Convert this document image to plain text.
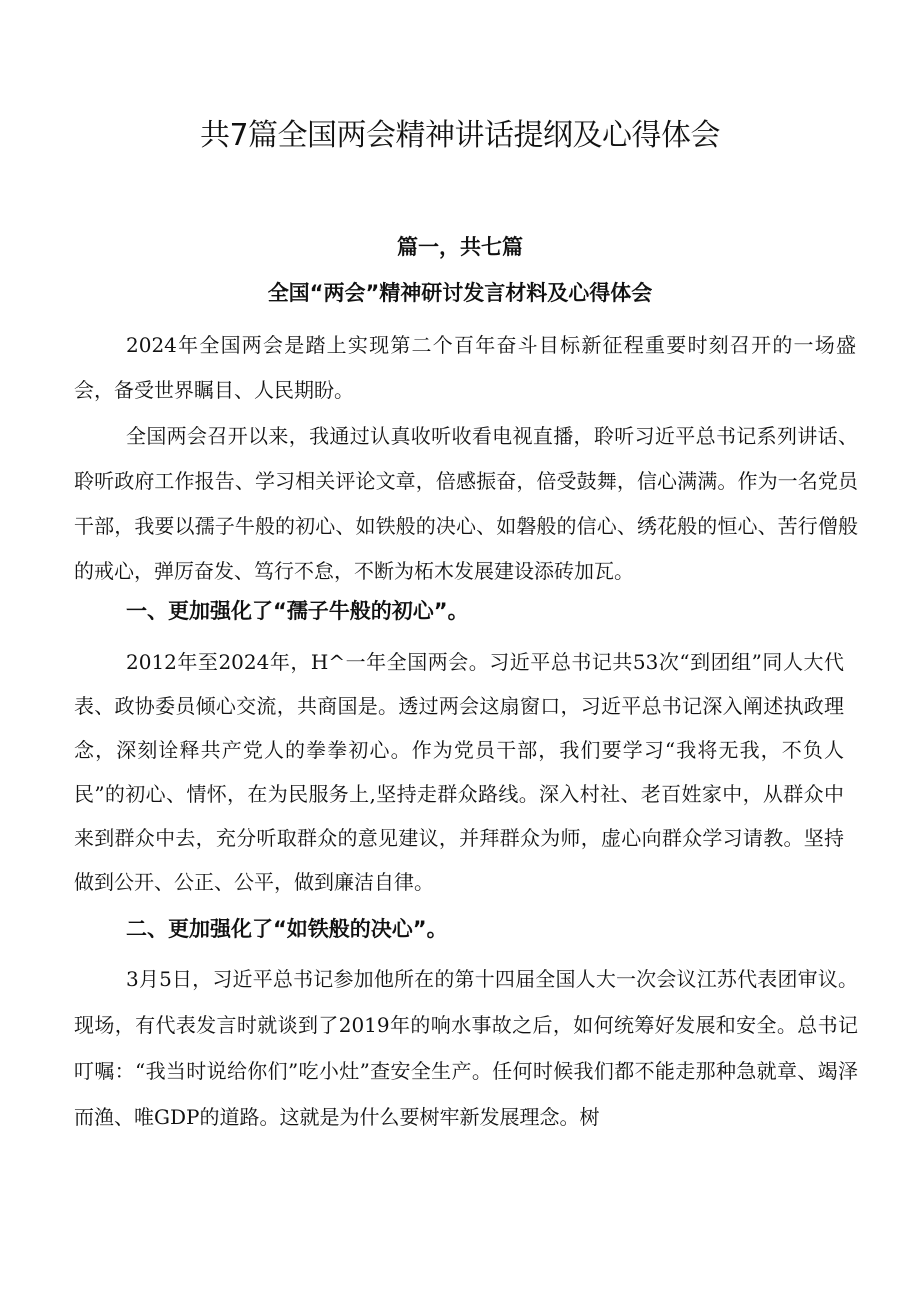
共7篇全国两会精神讲话提纲及心得体会
篇一，共七篇
全国“两会”精神研讨发言材料及心得体会

2024年全国两会是踏上实现第二个百年奋斗目标新征程重要时刻召开的一场盛会，备受世界瞩目、人民期盼。

全国两会召开以来，我通过认真收听收看电视直播，聆听习近平总书记系列讲话、聆听政府工作报告、学习相关评论文章，倍感振奋，倍受鼓舞，信心满满。作为一名党员干部，我要以孺子牛般的初心、如铁般的决心、如磐般的信心、绣花般的恒心、苦行僧般的戒心，弹厉奋发、笃行不怠，不断为柘木发展建设添砖加瓦。

一、更加强化了“孺子牛般的初心”。

2012年至2024年，H^一年全国两会。习近平总书记共53次“到团组”同人大代表、政协委员倾心交流，共商国是。透过两会这扇窗口，习近平总书记深入阐述执政理念，深刻诠释共产党人的拳拳初心。作为党员干部，我们要学习“我将无我，不负人民”的初心、情怀，在为民服务上,坚持走群众路线。深入村社、老百姓家中，从群众中来到群众中去，充分听取群众的意见建议，并拜群众为师，虚心向群众学习请教。坚持做到公开、公正、公平，做到廉洁自律。

二、更加强化了“如铁般的决心”。

3月5日，习近平总书记参加他所在的第十四届全国人大一次会议江苏代表团审议。现场，有代表发言时就谈到了2019年的响水事故之后，如何统筹好发展和安全。总书记叮嘱：“我当时说给你们”吃小灶”查安全生产。任何时候我们都不能走那种急就章、竭泽而渔、唯GDP的道路。这就是为什么要树牢新发展理念。树
